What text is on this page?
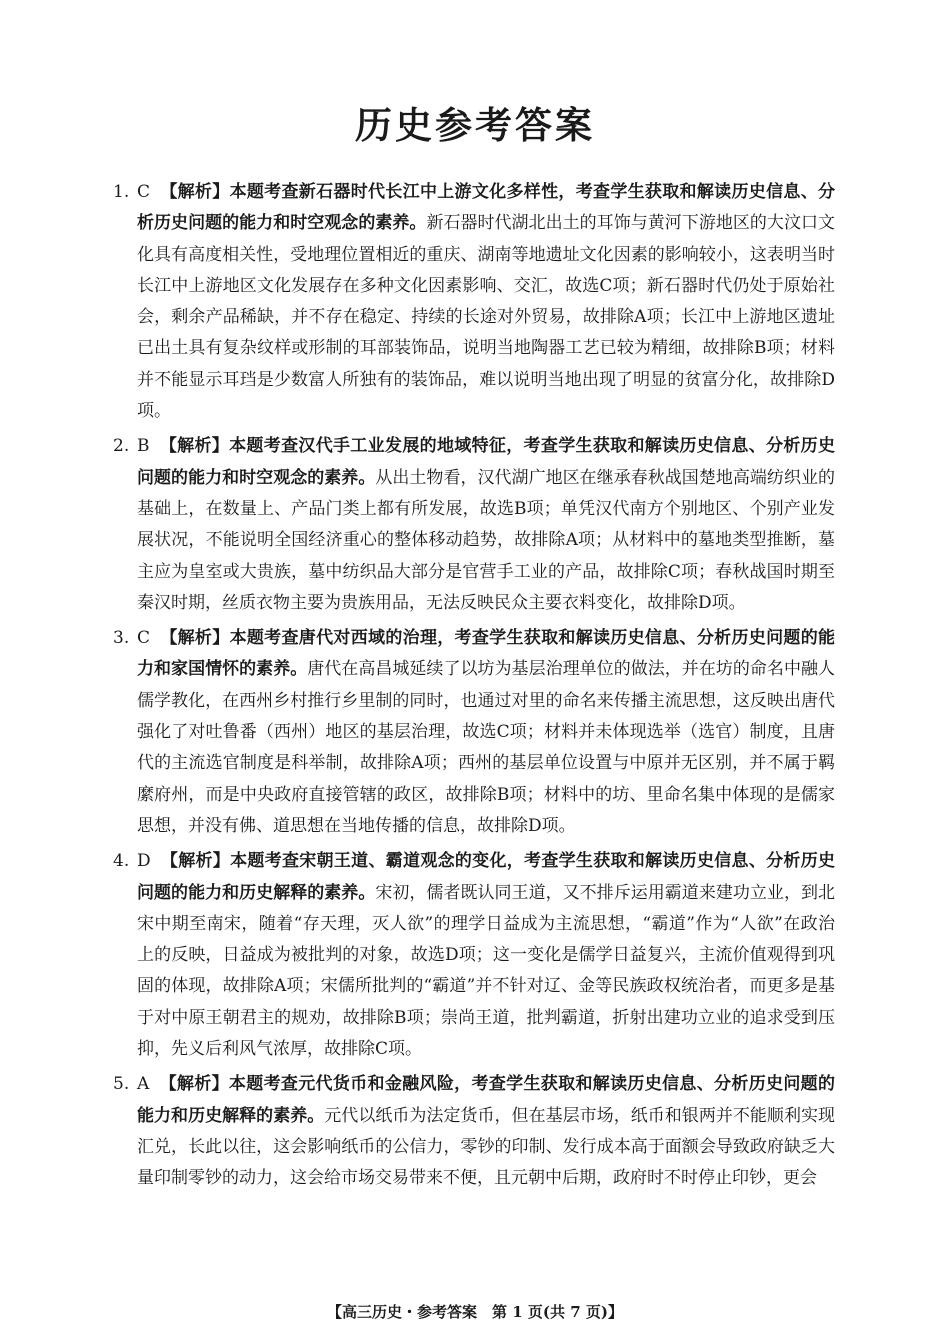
历史参考答案
1. C 【解析】本题考查新石器时代长江中上游文化多样性，考查学生获取和解读历史信息、分析历史问题的能力和时空观念的素养。新石器时代湖北出土的耳饰与黄河下游地区的大汶口文化具有高度相关性，受地理位置相近的重庆、湖南等地遗址文化因素的影响较小，这表明当时长江中上游地区文化发展存在多种文化因素影响、交汇，故选C项；新石器时代仍处于原始社会，剩余产品稀缺，并不存在稳定、持续的长途对外贸易，故排除A项；长江中上游地区遗址已出土具有复杂纹样或形制的耳部装饰品，说明当地陶器工艺已较为精细，故排除B项；材料并不能显示耳珰是少数富人所独有的装饰品，难以说明当地出现了明显的贫富分化，故排除D项。
2. B 【解析】本题考查汉代手工业发展的地域特征，考查学生获取和解读历史信息、分析历史问题的能力和时空观念的素养。从出土物看，汉代湖广地区在继承春秋战国楚地高端纺织业的基础上，在数量上、产品门类上都有所发展，故选B项；单凭汉代南方个别地区、个别产业发展状况，不能说明全国经济重心的整体移动趋势，故排除A项；从材料中的墓地类型推断，墓主应为皇室或大贵族，墓中纺织品大部分是官营手工业的产品，故排除C项；春秋战国时期至秦汉时期，丝质衣物主要为贵族用品，无法反映民众主要衣料变化，故排除D项。
3. C 【解析】本题考查唐代对西域的治理，考查学生获取和解读历史信息、分析历史问题的能力和家国情怀的素养。唐代在高昌城延续了以坊为基层治理单位的做法，并在坊的命名中融人儒学教化，在西州乡村推行乡里制的同时，也通过对里的命名来传播主流思想，这反映出唐代强化了对吐鲁番（西州）地区的基层治理，故选C项；材料并未体现选举（选官）制度，且唐代的主流选官制度是科举制，故排除A项；西州的基层单位设置与中原并无区别，并不属于羁縻府州，而是中央政府直接管辖的政区，故排除B项；材料中的坊、里命名集中体现的是儒家思想，并没有佛、道思想在当地传播的信息，故排除D项。
4. D 【解析】本题考查宋朝王道、霸道观念的变化，考查学生获取和解读历史信息、分析历史问题的能力和历史解释的素养。宋初，儒者既认同王道，又不排斥运用霸道来建功立业，到北宋中期至南宋，随着“存天理，灭人欲”的理学日益成为主流思想，“霸道”作为“人欲”在政治上的反映，日益成为被批判的对象，故选D项；这一变化是儒学日益复兴，主流价值观得到巩固的体现，故排除A项；宋儒所批判的“霸道”并不针对辽、金等民族政权统治者，而更多是基于对中原王朝君主的规劝，故排除B项；崇尚王道，批判霸道，折射出建功立业的追求受到压抑，先义后利风气浓厚，故排除C项。
5. A 【解析】本题考查元代货币和金融风险，考查学生获取和解读历史信息、分析历史问题的能力和历史解释的素养。元代以纸币为法定货币，但在基层市场，纸币和银两并不能顺利实现汇兑，长此以往，这会影响纸币的公信力，零钞的印制、发行成本高于面额会导致政府缺乏大量印制零钞的动力，这会给市场交易带来不便，且元朝中后期，政府时不时停止印钞，更会
【高三历史・参考答案　第 1 页(共 7 页)】
